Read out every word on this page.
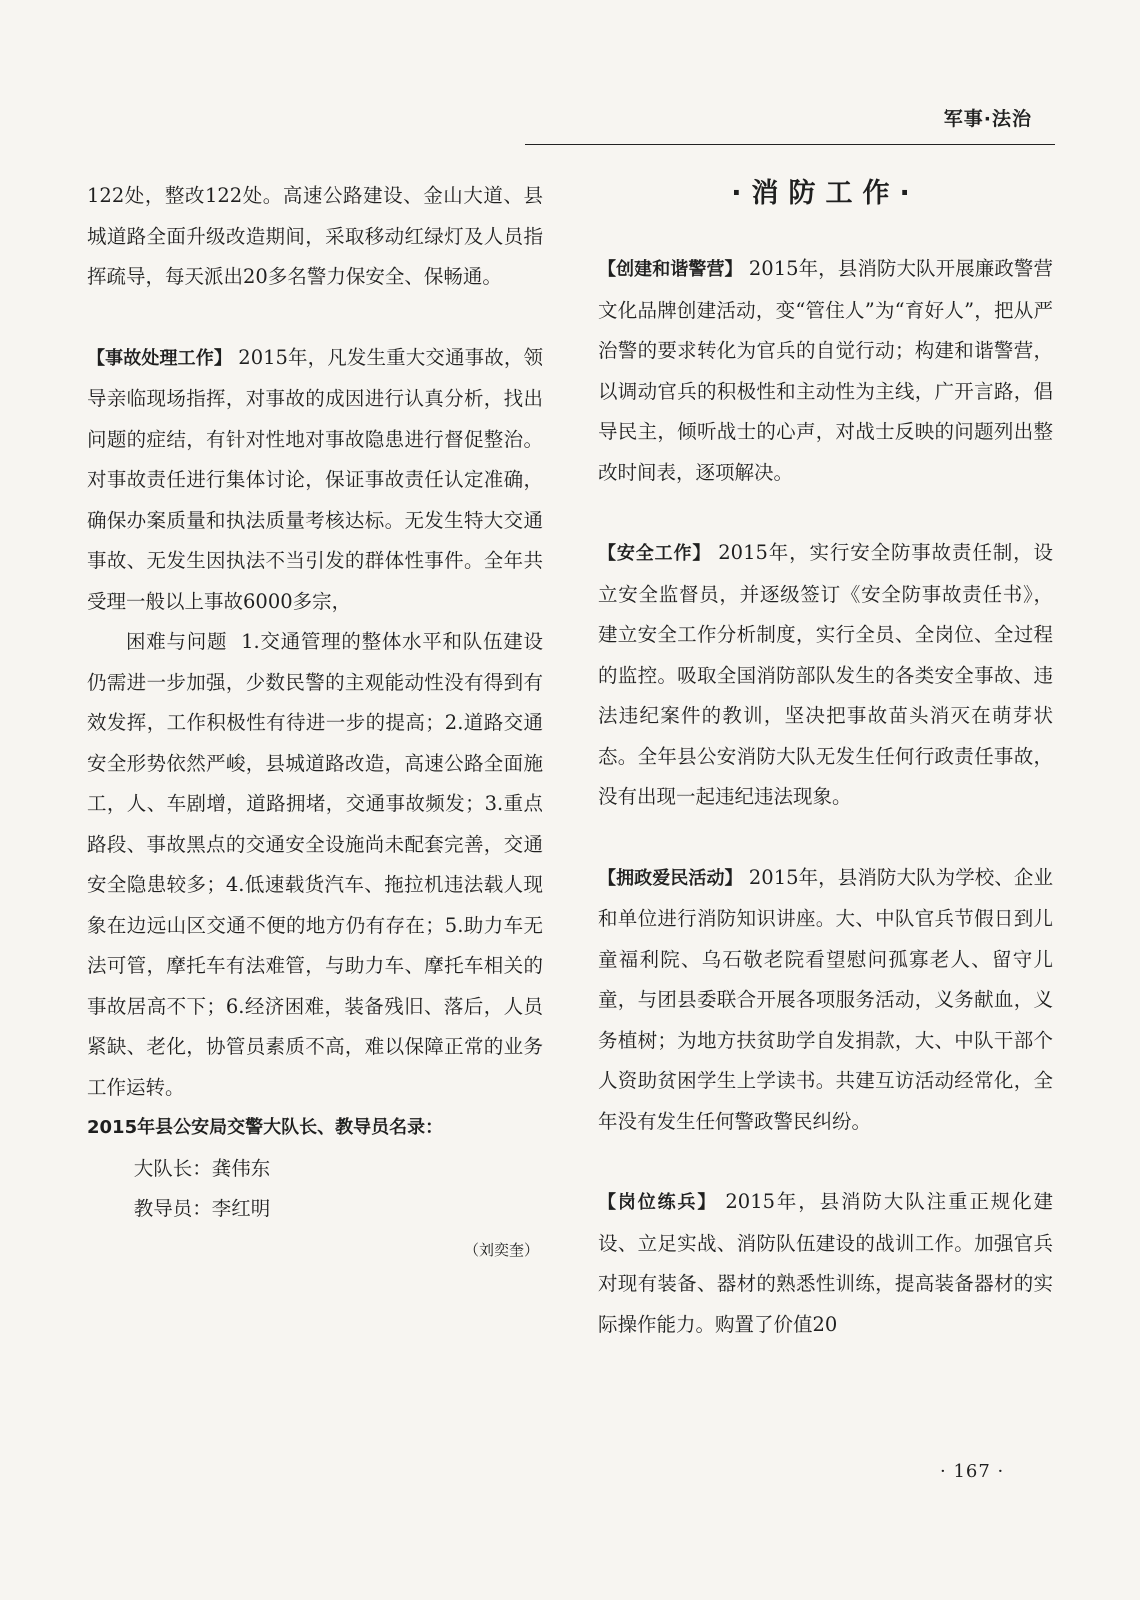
军事·法治

122处，整改122处。高速公路建设、金山大道、县城道路全面升级改造期间，采取移动红绿灯及人员指挥疏导，每天派出20多名警力保安全、保畅通。

【事故处理工作】 2015年，凡发生重大交通事故，领导亲临现场指挥，对事故的成因进行认真分析，找出问题的症结，有针对性地对事故隐患进行督促整治。对事故责任进行集体讨论，保证事故责任认定准确，确保办案质量和执法质量考核达标。无发生特大交通事故、无发生因执法不当引发的群体性事件。全年共受理一般以上事故6000多宗，

困难与问题 1.交通管理的整体水平和队伍建设仍需进一步加强，少数民警的主观能动性没有得到有效发挥，工作积极性有待进一步的提高；2.道路交通安全形势依然严峻，县城道路改造，高速公路全面施工，人、车剧增，道路拥堵，交通事故频发；3.重点路段、事故黑点的交通安全设施尚未配套完善，交通安全隐患较多；4.低速载货汽车、拖拉机违法载人现象在边远山区交通不便的地方仍有存在；5.助力车无法可管，摩托车有法难管，与助力车、摩托车相关的事故居高不下；6.经济困难，装备残旧、落后，人员紧缺、老化，协管员素质不高，难以保障正常的业务工作运转。

2015年县公安局交警大队长、教导员名录：

大队长：龚伟东

教导员：李红明

（刘奕奎）

·消防工作·

【创建和谐警营】 2015年，县消防大队开展廉政警营文化品牌创建活动，变“管住人”为“育好人”，把从严治警的要求转化为官兵的自觉行动；构建和谐警营，以调动官兵的积极性和主动性为主线，广开言路，倡导民主，倾听战士的心声，对战士反映的问题列出整改时间表，逐项解决。

【安全工作】 2015年，实行安全防事故责任制，设立安全监督员，并逐级签订《安全防事故责任书》，建立安全工作分析制度，实行全员、全岗位、全过程的监控。吸取全国消防部队发生的各类安全事故、违法违纪案件的教训，坚决把事故苗头消灭在萌芽状态。全年县公安消防大队无发生任何行政责任事故，没有出现一起违纪违法现象。

【拥政爱民活动】 2015年，县消防大队为学校、企业和单位进行消防知识讲座。大、中队官兵节假日到儿童福利院、乌石敬老院看望慰问孤寡老人、留守儿童，与团县委联合开展各项服务活动，义务献血，义务植树；为地方扶贫助学自发捐款，大、中队干部个人资助贫困学生上学读书。共建互访活动经常化，全年没有发生任何警政警民纠纷。

【岗位练兵】 2015年，县消防大队注重正规化建设、立足实战、消防队伍建设的战训工作。加强官兵对现有装备、器材的熟悉性训练，提高装备器材的实际操作能力。购置了价值20

· 167 ·
